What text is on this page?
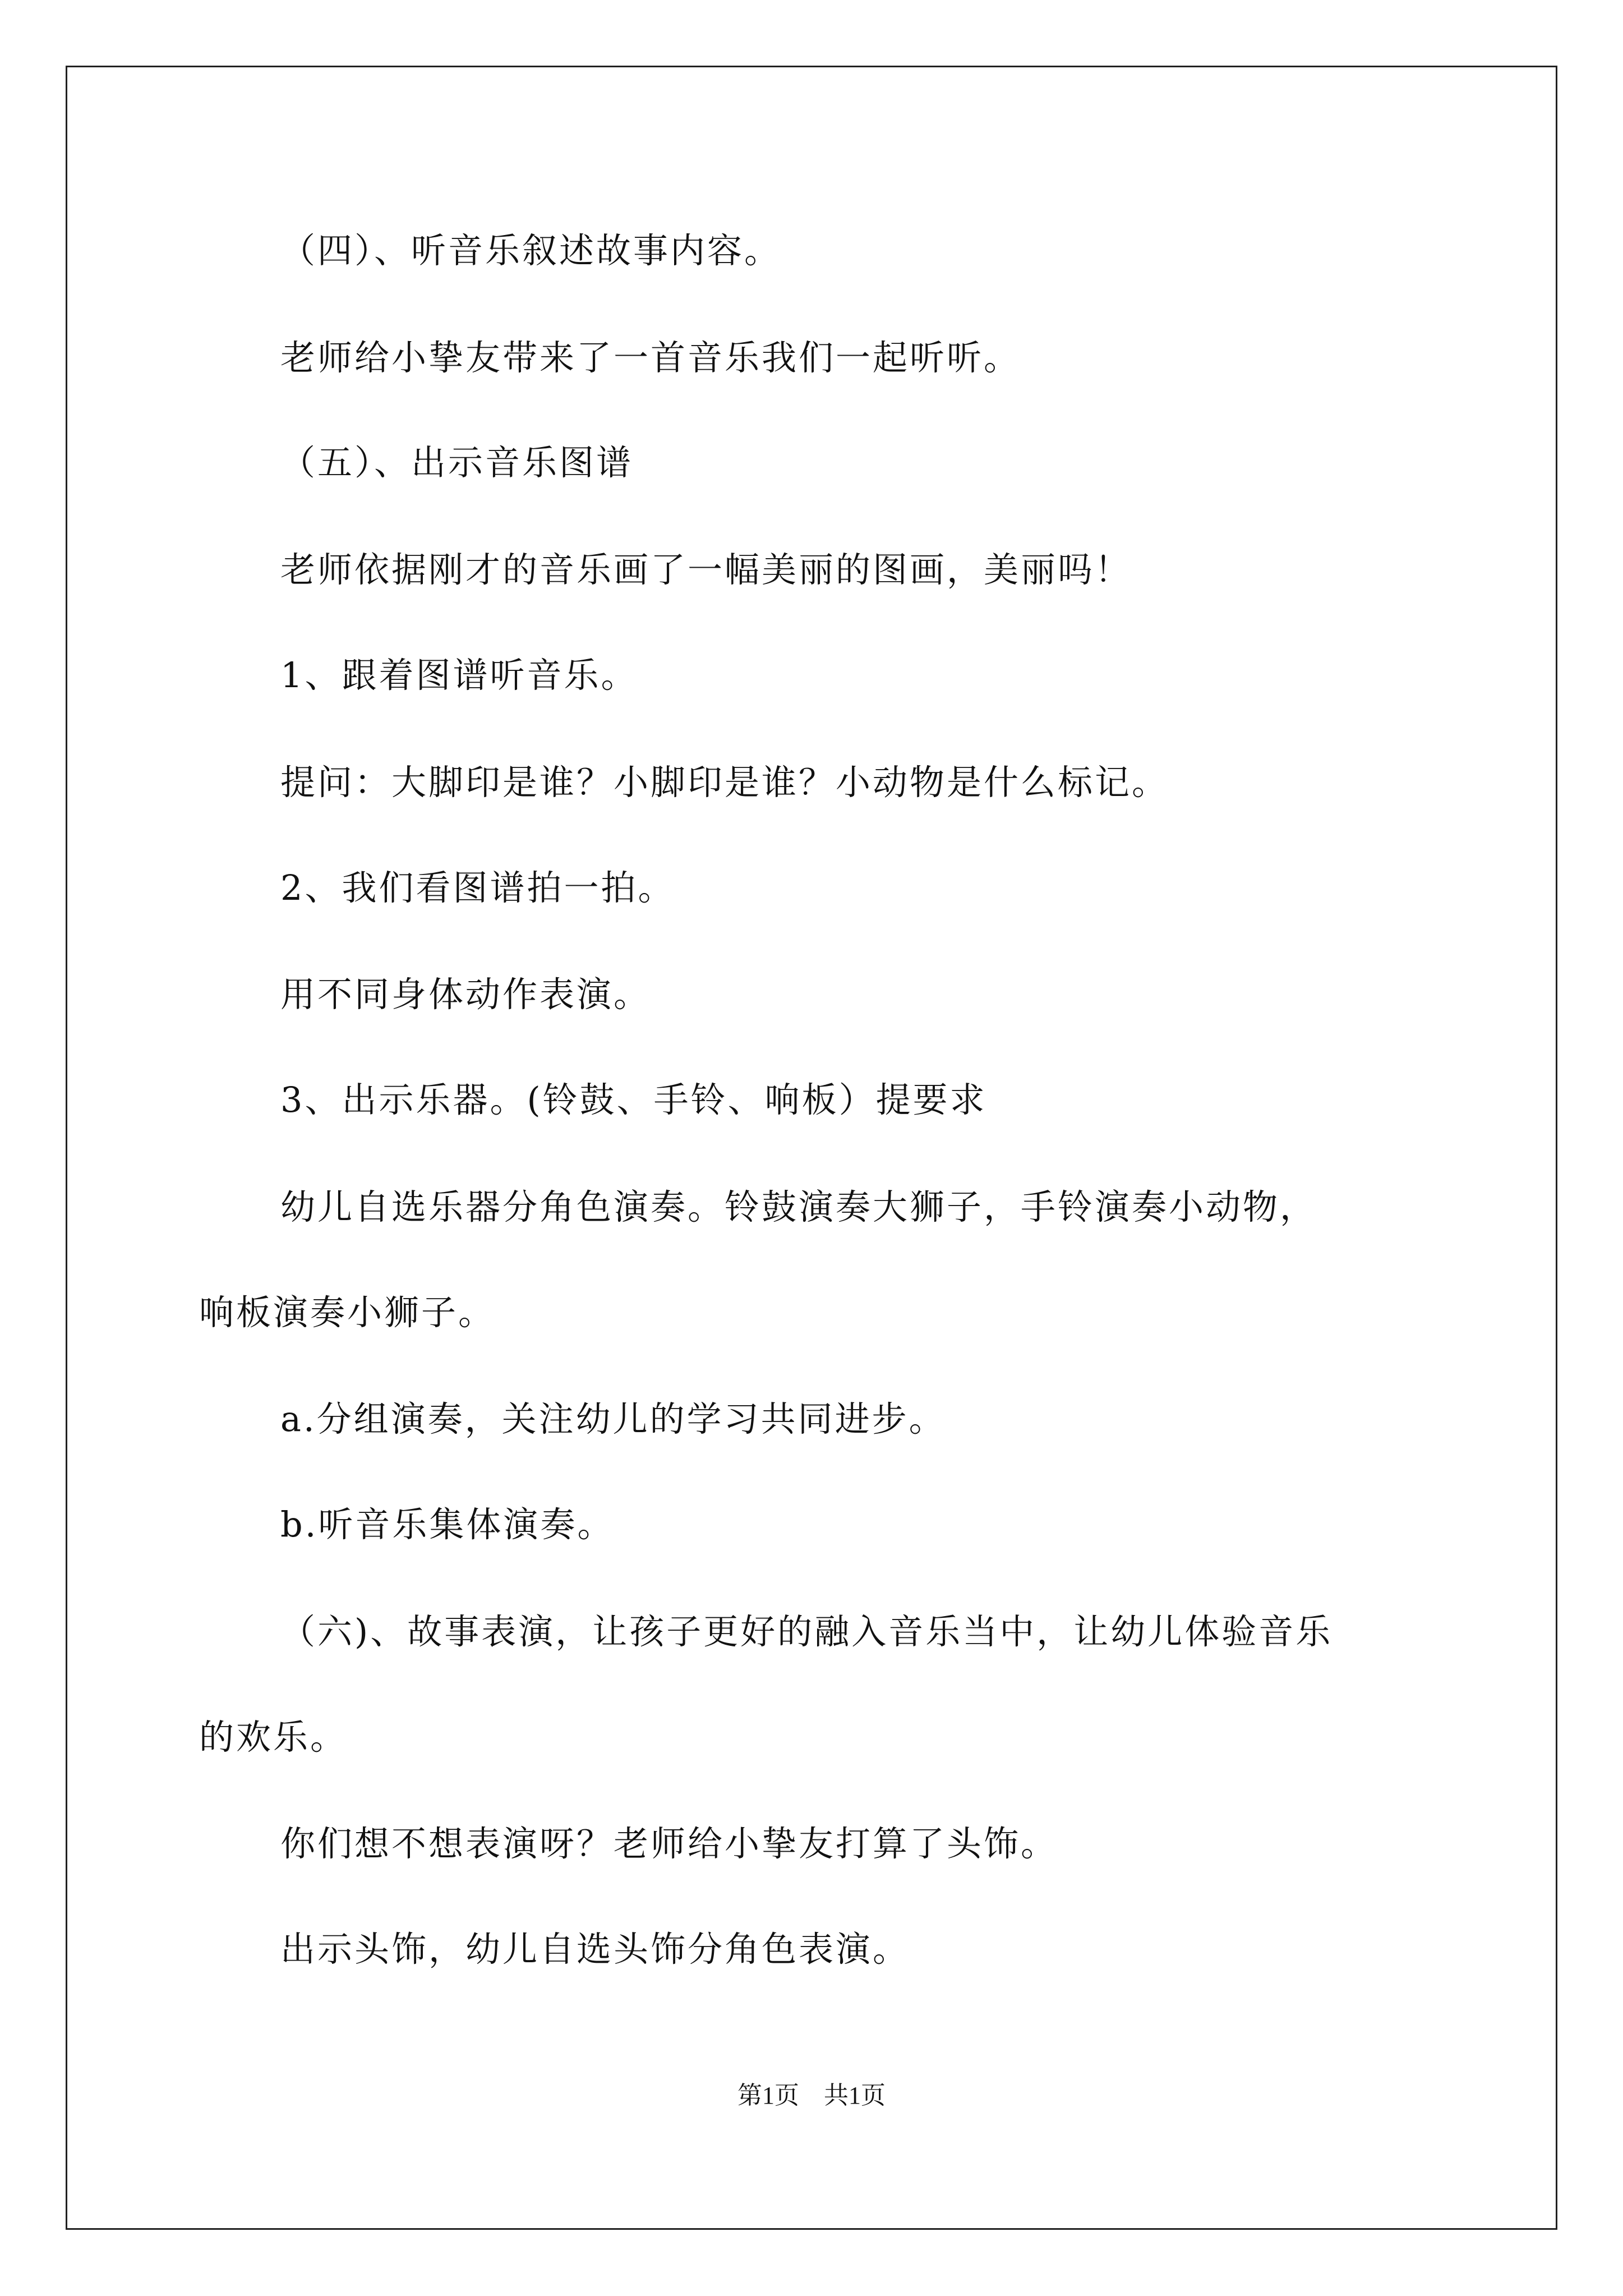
（四）、听音乐叙述故事内容。
老师给小挚友带来了一首音乐我们一起听听。
（五）、出示音乐图谱
老师依据刚才的音乐画了一幅美丽的图画，美丽吗！
1、跟着图谱听音乐。
提问：大脚印是谁？小脚印是谁？小动物是什么标记。
2、我们看图谱拍一拍。
用不同身体动作表演。
3、出示乐器。(铃鼓、手铃、响板）提要求
幼儿自选乐器分角色演奏。铃鼓演奏大狮子，手铃演奏小动物，
响板演奏小狮子。
a.分组演奏，关注幼儿的学习共同进步。
b.听音乐集体演奏。
（六)、故事表演，让孩子更好的融入音乐当中，让幼儿体验音乐
的欢乐。
你们想不想表演呀？老师给小挚友打算了头饰。
出示头饰，幼儿自选头饰分角色表演。
第1页 共1页
